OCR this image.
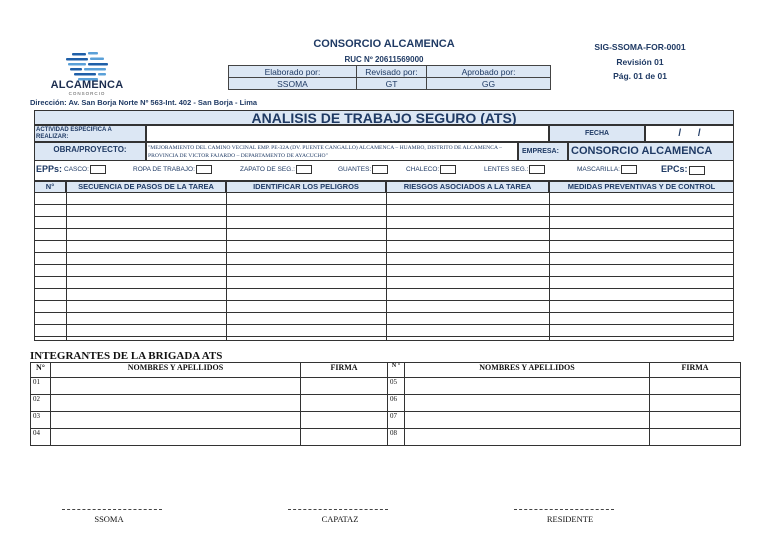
ALCAMENCA
CONSORCIO
CONSORCIO ALCAMENCA
RUC Nº 20611569000
Elaborado por:	Revisado por:	Aprobado por:
SSOMA	GT	GG
SIG-SSOMA-FOR-0001
Revisión 01
Pág. 01 de 01
Dirección: Av. San Borja Norte Nº 563-Int. 402 - San Borja - Lima
ANALISIS DE TRABAJO SEGURO (ATS)
ACTIVIDAD ESPECIFICA A REALIZAR:	FECHA	/ /
OBRA/PROYECTO:	"MEJORAMIENTO DEL CAMINO VECINAL EMP. PE-32A (DV. PUENTE CANGALLO) ALCAMENCA – HUAMBO, DISTRITO DE ALCAMENCA – PROVINCIA DE VICTOR FAJARDO – DEPARTAMENTO DE AYACUCHO"
EMPRESA:	CONSORCIO ALCAMENCA
EPPs: CASCO:	ROPA DE TRABAJO:	ZAPATO DE SEG.:	GUANTES:	CHALECO:	LENTES SEG.:	MASCARILLA:	EPCs:
N°	SECUENCIA DE PASOS DE LA TAREA	IDENTIFICAR LOS PELIGROS	RIESGOS ASOCIADOS A LA TAREA	MEDIDAS PREVENTIVAS Y DE CONTROL
INTEGRANTES DE LA BRIGADA ATS
N°	NOMBRES Y APELLIDOS	FIRMA	N °	NOMBRES Y APELLIDOS	FIRMA
01			05		
02			06		
03			07		
04			08		
SSOMA	CAPATAZ	RESIDENTE
